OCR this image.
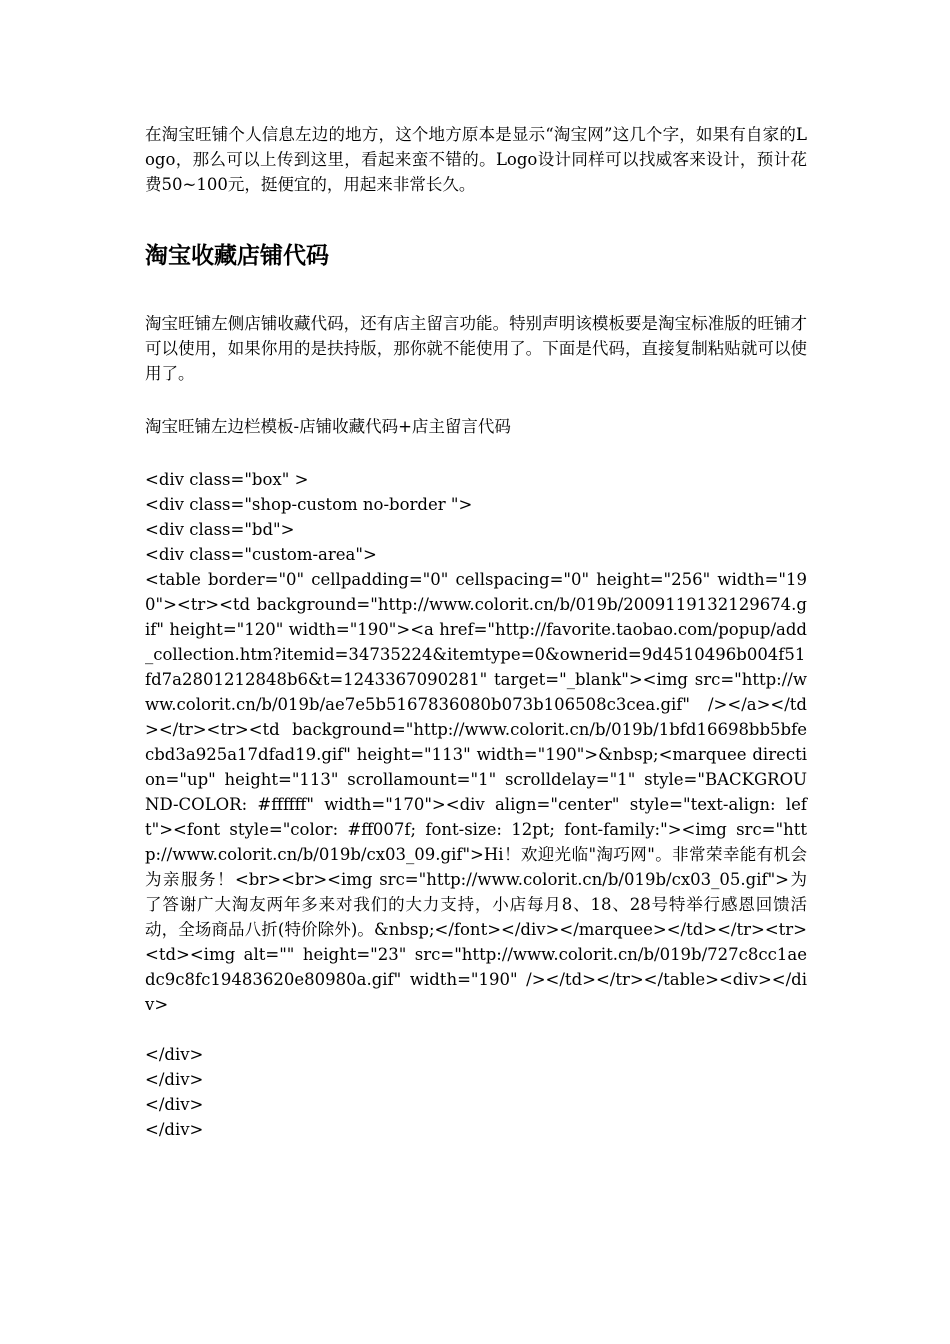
在淘宝旺铺个人信息左边的地方，这个地方原本是显示“淘宝网”这几个字，如果有自家的Logo，那么可以上传到这里，看起来蛮不错的。Logo设计同样可以找威客来设计，预计花费50~100元，挺便宜的，用起来非常长久。

淘宝收藏店铺代码

淘宝旺铺左侧店铺收藏代码，还有店主留言功能。特别声明该模板要是淘宝标准版的旺铺才可以使用，如果你用的是扶持版，那你就不能使用了。下面是代码，直接复制粘贴就可以使用了。

淘宝旺铺左边栏模板-店铺收藏代码+店主留言代码

<div class="box" >
<div class="shop-custom no-border ">
<div class="bd">
<div class="custom-area">
<table border="0" cellpadding="0" cellspacing="0" height="256" width="190"><tr><td background="http://www.colorit.cn/b/019b/2009119132129674.gif" height="120" width="190"><a href="http://favorite.taobao.com/popup/add_collection.htm?itemid=34735224&itemtype=0&ownerid=9d4510496b004f51fd7a2801212848b6&t=1243367090281" target="_blank"><img src="http://www.colorit.cn/b/019b/ae7e5b5167836080b073b106508c3cea.gif" /></a></td></tr><tr><td background="http://www.colorit.cn/b/019b/1bfd16698bb5bfecbd3a925a17dfad19.gif" height="113" width="190">&nbsp;<marquee direction="up" height="113" scrollamount="1" scrolldelay="1" style="BACKGROUND-COLOR: #ffffff" width="170"><div align="center" style="text-align: left"><font style="color: #ff007f; font-size: 12pt; font-family:"><img src="http://www.colorit.cn/b/019b/cx03_09.gif">Hi！欢迎光临"淘巧网"。非常荣幸能有机会为亲服务！<br><br><img src="http://www.colorit.cn/b/019b/cx03_05.gif">为了答谢广大淘友两年多来对我们的大力支持，小店每月8、18、28号特举行感恩回馈活动，全场商品八折(特价除外)。&nbsp;</font></div></marquee></td></tr><tr><td><img alt="" height="23" src="http://www.colorit.cn/b/019b/727c8cc1aedc9c8fc19483620e80980a.gif" width="190" /></td></tr></table><div></div>
</div>
</div>
</div>
</div>
